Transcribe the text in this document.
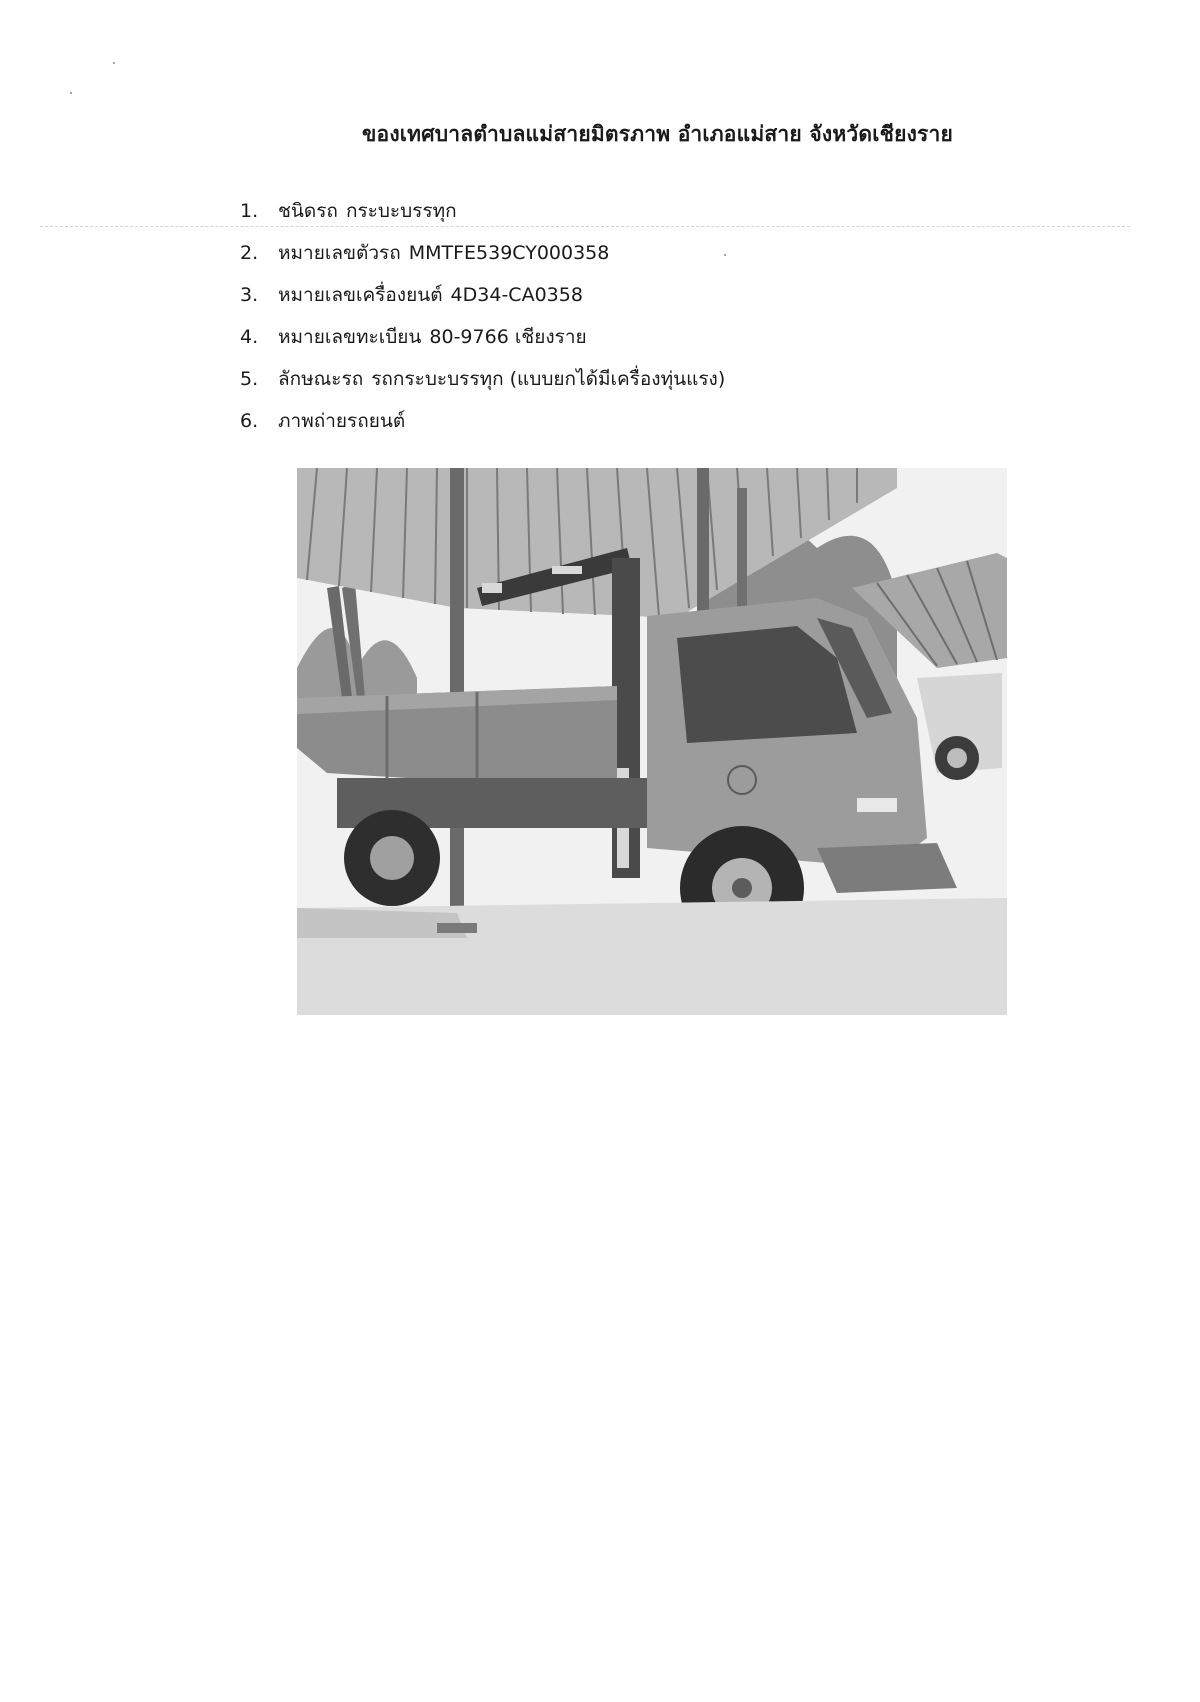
ของเทศบาลตำบลแม่สายมิตรภาพ อำเภอแม่สาย จังหวัดเชียงราย
1.	ชนิดรถ กระบะบรรทุก
2.	หมายเลขตัวรถ MMTFE539CY000358
3.	หมายเลขเครื่องยนต์ 4D34-CA0358
4.	หมายเลขทะเบียน 80-9766 เชียงราย
5.	ลักษณะรถ รถกระบะบรรทุก (แบบยกได้มีเครื่องทุ่นแรง)
6.	ภาพถ่ายรถยนต์
